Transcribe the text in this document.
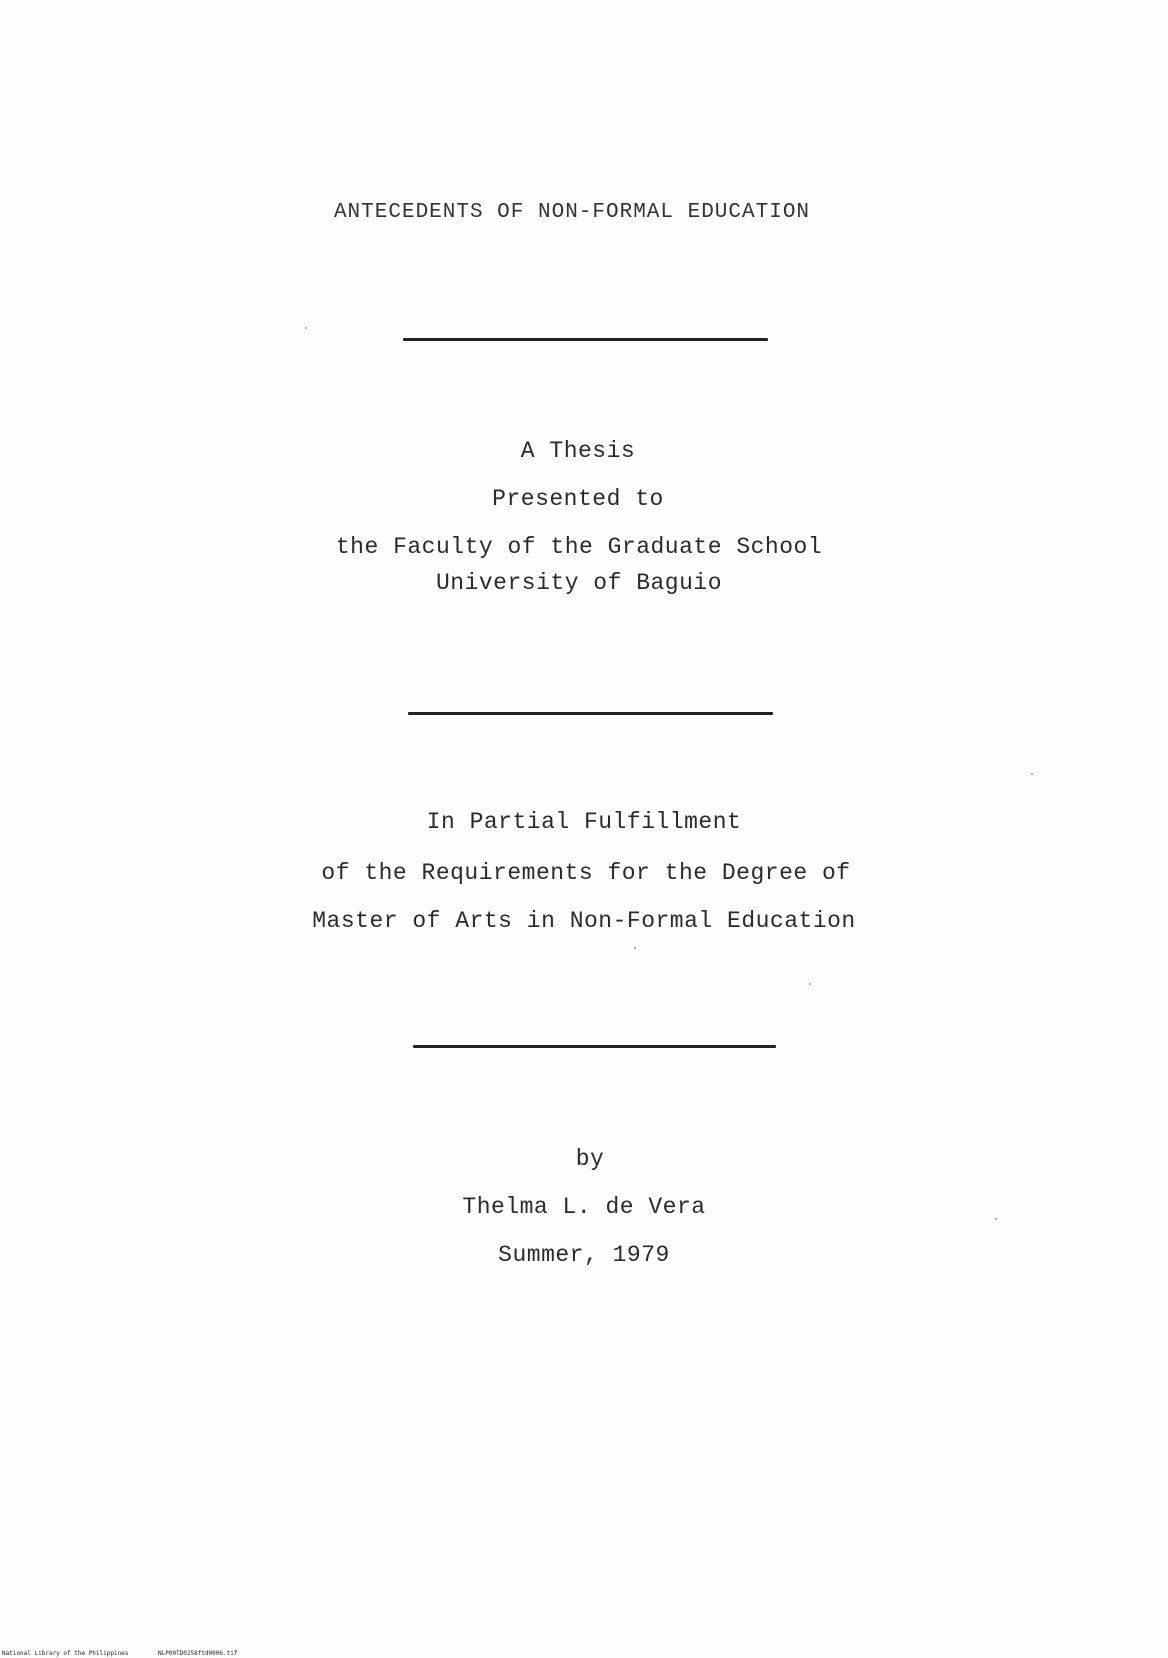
ANTECEDENTS OF NON-FORMAL EDUCATION
A Thesis
Presented to
the Faculty of the Graduate School
University of Baguio
In Partial Fulfillment
of the Requirements for the Degree of
Master of Arts in Non-Formal Education
by
Thelma L. de Vera
Summer, 1979
National Library of the Philippines	NLP00TD0258ftd0006.tif
